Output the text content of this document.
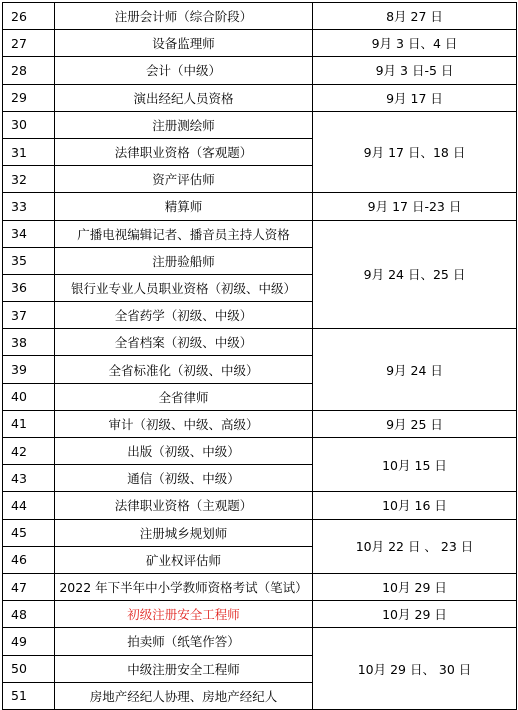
26	注册会计师（综合阶段）	8月 27 日
27	设备监理师	9月 3 日、4 日
28	会计（中级）	9月 3 日-5 日
29	演出经纪人员资格	9月 17 日
30	注册测绘师	9月 17 日、18 日
31	法律职业资格（客观题）	
32	资产评估师	
33	精算师	9月 17 日-23 日
34	广播电视编辑记者、播音员主持人资格	9月 24 日、25 日
35	注册验船师	
36	银行业专业人员职业资格（初级、中级）	
37	全省药学（初级、中级）	
38	全省档案（初级、中级）	9月 24 日
39	全省标准化（初级、中级）	
40	全省律师	
41	审计（初级、中级、高级）	9月 25 日
42	出版（初级、中级）	10月 15 日
43	通信（初级、中级）	
44	法律职业资格（主观题）	10月 16 日
45	注册城乡规划师	10月 22 日 、 23 日
46	矿业权评估师	
47	2022 年下半年中小学教师资格考试（笔试）	10月 29 日
48	初级注册安全工程师	10月 29 日
49	拍卖师（纸笔作答）	10月 29 日、 30 日
50	中级注册安全工程师	
51	房地产经纪人协理、房地产经纪人	
